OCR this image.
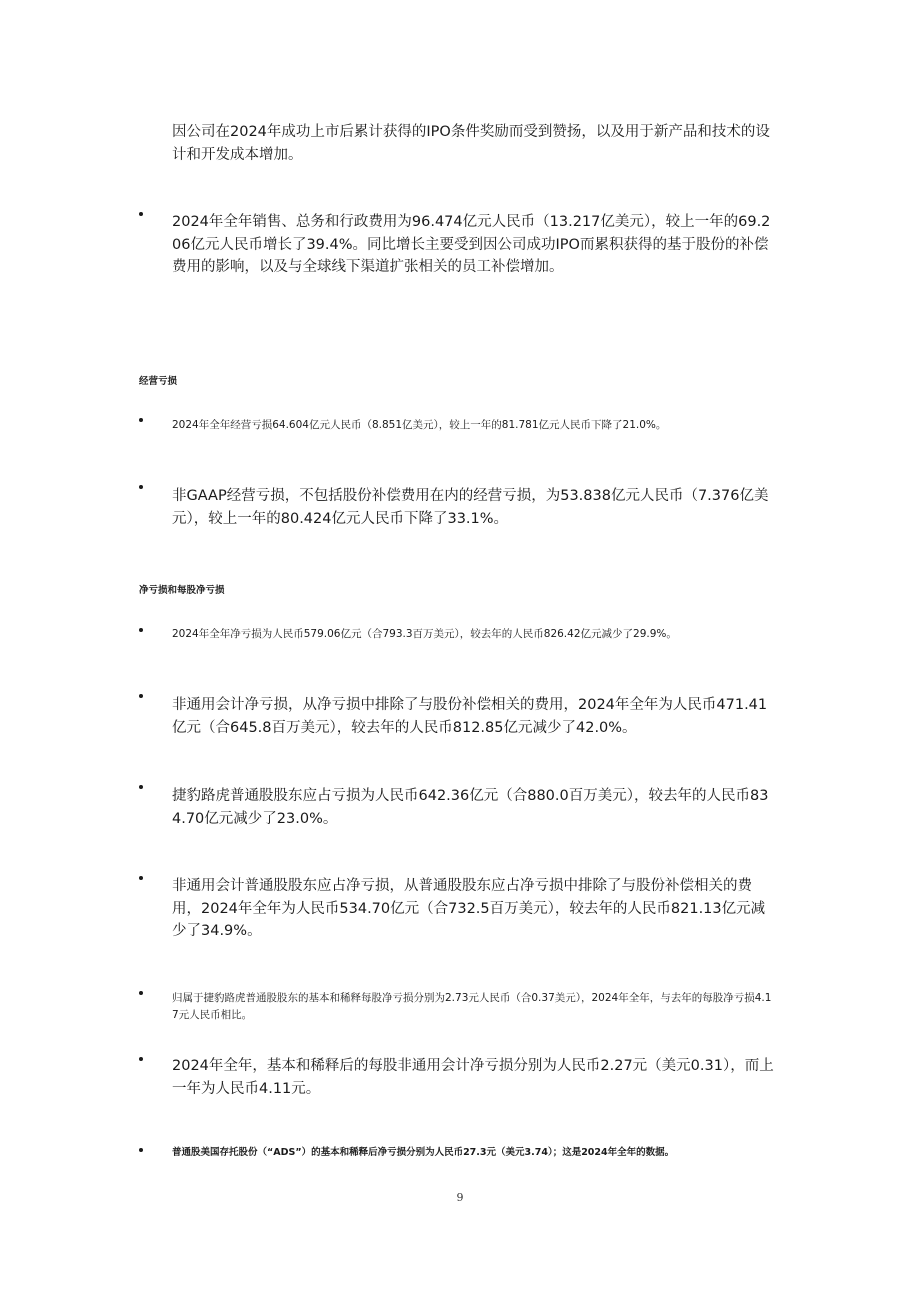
因公司在2024年成功上市后累计获得的IPO条件奖励而受到赞扬，以及用于新产品和技术的设计和开发成本增加。

2024年全年销售、总务和行政费用为96.474亿元人民币（13.217亿美元），较上一年的69.206亿元人民币增长了39.4%。同比增长主要受到因公司成功IPO而累积获得的基于股份的补偿费用的影响，以及与全球线下渠道扩张相关的员工补偿增加。

经营亏损

2024年全年经营亏损64.604亿元人民币（8.851亿美元），较上一年的81.781亿元人民币下降了21.0%。

非GAAP经营亏损，不包括股份补偿费用在内的经营亏损，为53.838亿元人民币（7.376亿美元），较上一年的80.424亿元人民币下降了33.1%。

净亏损和每股净亏损

2024年全年净亏损为人民币579.06亿元（合793.3百万美元），较去年的人民币826.42亿元减少了29.9%。

非通用会计净亏损，从净亏损中排除了与股份补偿相关的费用，2024年全年为人民币471.41亿元（合645.8百万美元），较去年的人民币812.85亿元减少了42.0%。

捷豹路虎普通股股东应占亏损为人民币642.36亿元（合880.0百万美元），较去年的人民币834.70亿元减少了23.0%。

非通用会计普通股股东应占净亏损，从普通股股东应占净亏损中排除了与股份补偿相关的费用，2024年全年为人民币534.70亿元（合732.5百万美元），较去年的人民币821.13亿元减少了34.9%。

归属于捷豹路虎普通股股东的基本和稀释每股净亏损分别为2.73元人民币（合0.37美元），2024年全年，与去年的每股净亏损4.17元人民币相比。

2024年全年，基本和稀释后的每股非通用会计净亏损分别为人民币2.27元（美元0.31），而上一年为人民币4.11元。

普通股美国存托股份（“ADS”）的基本和稀释后净亏损分别为人民币27.3元（美元3.74）；这是2024年全年的数据。

9
